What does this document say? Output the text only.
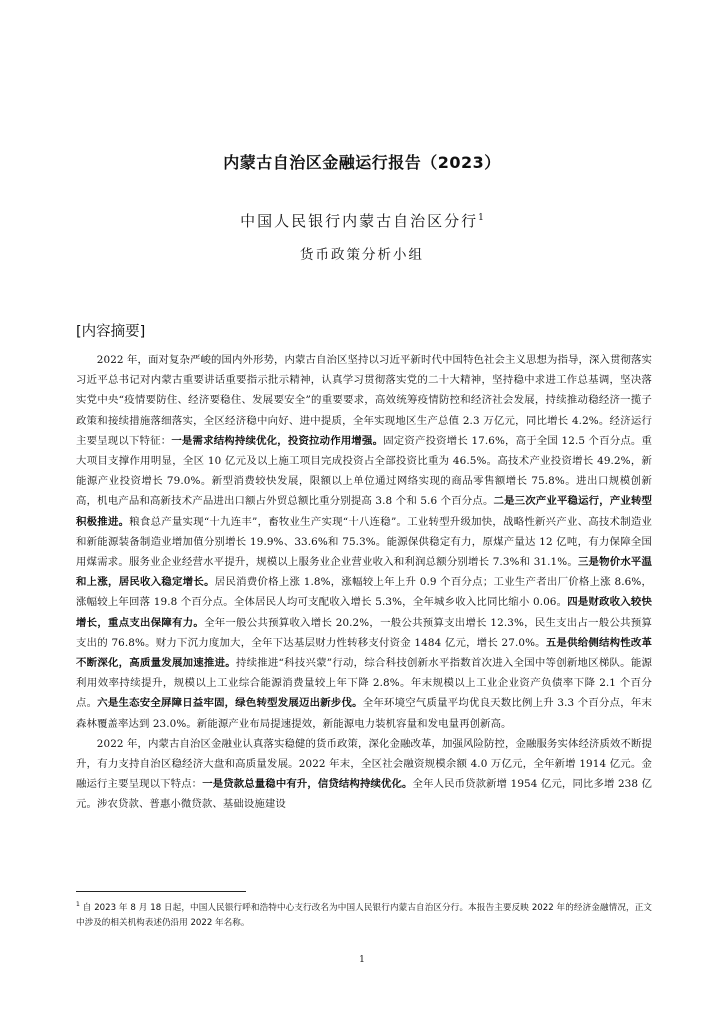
内蒙古自治区金融运行报告（2023）
中国人民银行内蒙古自治区分行$^1$
货币政策分析小组
[内容摘要]

2022 年，面对复杂严峻的国内外形势，内蒙古自治区坚持以习近平新时代中国特色社会主义思想为指导，深入贯彻落实习近平总书记对内蒙古重要讲话重要指示批示精神，认真学习贯彻落实党的二十大精神，坚持稳中求进工作总基调，坚决落实党中央“疫情要防住、经济要稳住、发展要安全”的重要要求，高效统筹疫情防控和经济社会发展，持续推动稳经济一揽子政策和接续措施落细落实，全区经济稳中向好、进中提质，全年实现地区生产总值 2.3 万亿元，同比增长 4.2%。经济运行主要呈现以下特征：一是需求结构持续优化，投资拉动作用增强。固定资产投资增长 17.6%，高于全国 12.5 个百分点。重大项目支撑作用明显，全区 10 亿元及以上施工项目完成投资占全部投资比重为 46.5%。高技术产业投资增长 49.2%，新能源产业投资增长 79.0%。新型消费较快发展，限额以上单位通过网络实现的商品零售额增长 75.8%。进出口规模创新高，机电产品和高新技术产品进出口额占外贸总额比重分别提高 3.8 个和 5.6 个百分点。二是三次产业平稳运行，产业转型积极推进。粮食总产量实现“十九连丰”，畜牧业生产实现“十八连稳”。工业转型升级加快，战略性新兴产业、高技术制造业和新能源装备制造业增加值分别增长 19.9%、33.6%和 75.3%。能源保供稳定有力，原煤产量达 12 亿吨，有力保障全国用煤需求。服务业企业经营水平提升，规模以上服务业企业营业收入和利润总额分别增长 7.3%和 31.1%。三是物价水平温和上涨，居民收入稳定增长。居民消费价格上涨 1.8%，涨幅较上年上升 0.9 个百分点；工业生产者出厂价格上涨 8.6%，涨幅较上年回落 19.8 个百分点。全体居民人均可支配收入增长 5.3%，全年城乡收入比同比缩小 0.06。四是财政收入较快增长，重点支出保障有力。全年一般公共预算收入增长 20.2%，一般公共预算支出增长 12.3%，民生支出占一般公共预算支出的 76.8%。财力下沉力度加大，全年下达基层财力性转移支付资金 1484 亿元，增长 27.0%。五是供给侧结构性改革不断深化，高质量发展加速推进。持续推进“科技兴蒙”行动，综合科技创新水平指数首次进入全国中等创新地区梯队。能源利用效率持续提升，规模以上工业综合能源消费量较上年下降 2.8%。年末规模以上工业企业资产负债率下降 2.1 个百分点。六是生态安全屏障日益牢固，绿色转型发展迈出新步伐。全年环境空气质量平均优良天数比例上升 3.3 个百分点，年末森林覆盖率达到 23.0%。新能源产业布局提速提效，新能源电力装机容量和发电量再创新高。

2022 年，内蒙古自治区金融业认真落实稳健的货币政策，深化金融改革，加强风险防控，金融服务实体经济质效不断提升，有力支持自治区稳经济大盘和高质量发展。2022 年末，全区社会融资规模余额 4.0 万亿元，全年新增 1914 亿元。金融运行主要呈现以下特点：一是贷款总量稳中有升，信贷结构持续优化。全年人民币贷款新增 1954 亿元，同比多增 238 亿元。涉农贷款、普惠小微贷款、基础设施建设

$^1$ 自 2023 年 8 月 18 日起，中国人民银行呼和浩特中心支行改名为中国人民银行内蒙古自治区分行。本报告主要反映 2022 年的经济金融情况，正文中涉及的相关机构表述仍沿用 2022 年名称。
1
